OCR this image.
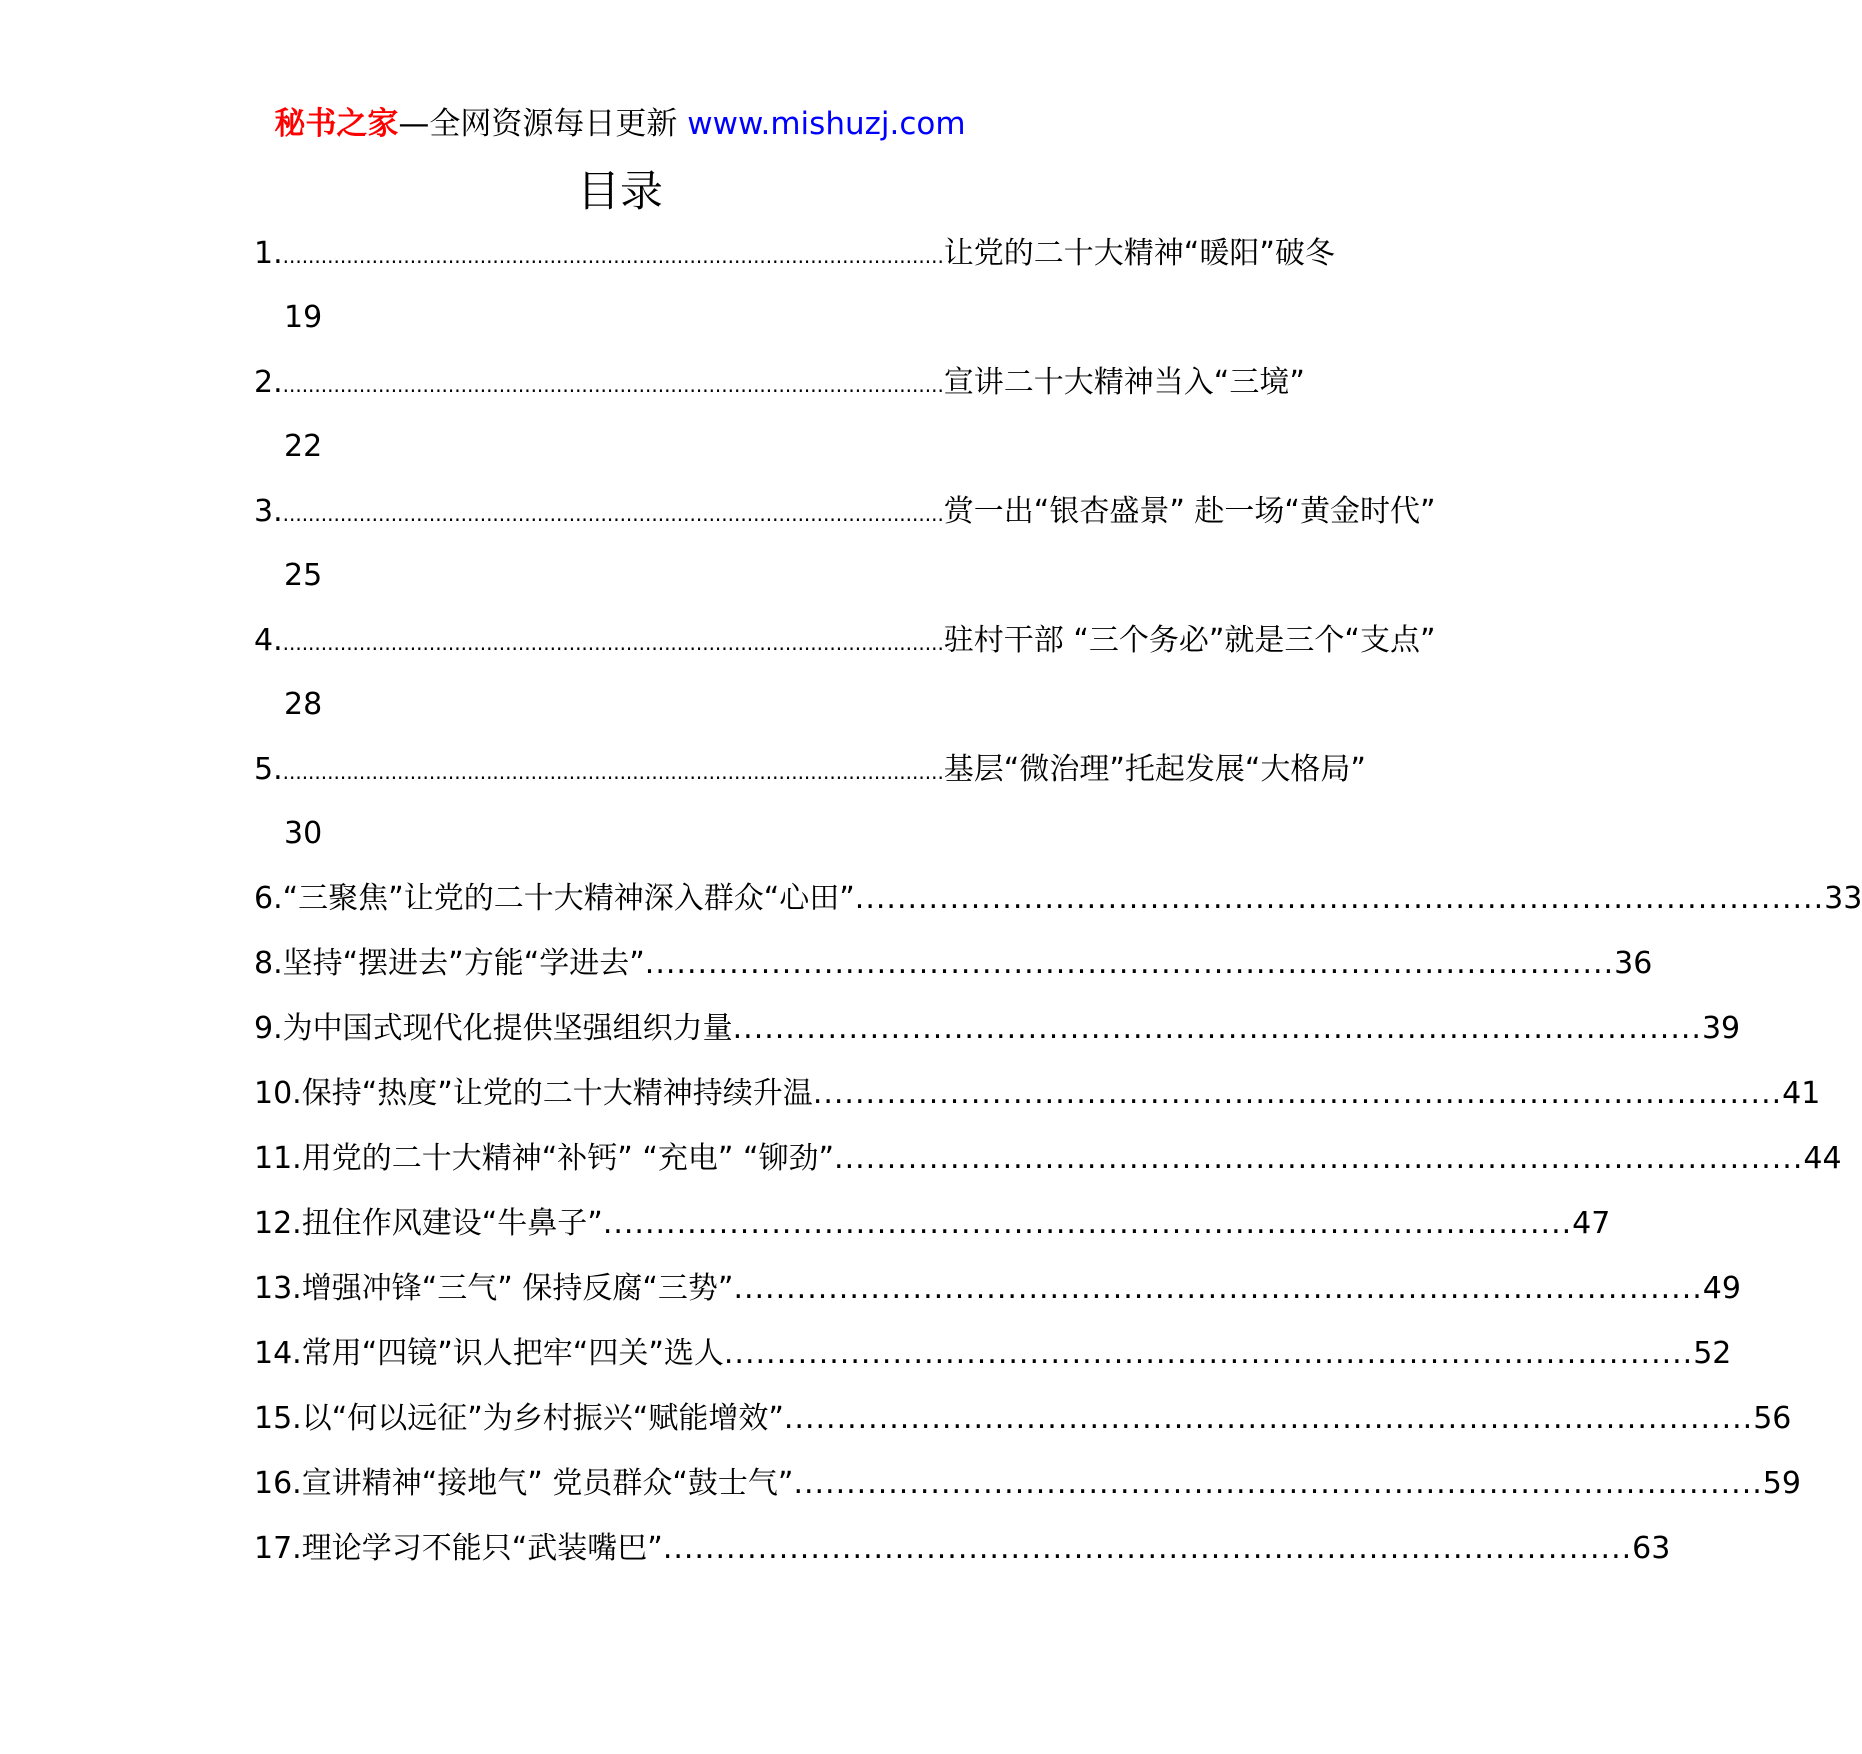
秘书之家—全网资源每日更新 www.mishuzj.com
目录
1. ........................................................................................................ 让党的二十大精神“暖阳”破冬
19
2. ........................................................................................................ 宣讲二十大精神当入“三境”
22
3. ........................................................................................................ 赏一出“银杏盛景” 赴一场“黄金时代”
25
4. ........................................................................................................ 驻村干部 “三个务必”就是三个“支点”
28
5. ........................................................................................................ 基层“微治理”托起发展“大格局”
30
6. “三聚焦”让党的二十大精神深入群众“心田” ............................................................................................ 33
8. 坚持“摆进去”方能“学进去” ............................................................................................ 36
9. 为中国式现代化提供坚强组织力量 ............................................................................................ 39
10. 保持“热度”让党的二十大精神持续升温 ............................................................................................ 41
11. 用党的二十大精神“补钙” “充电” “铆劲” ............................................................................................ 44
12. 扭住作风建设“牛鼻子” ............................................................................................ 47
13. 增强冲锋“三气” 保持反腐“三势” ............................................................................................ 49
14. 常用“四镜”识人把牢“四关”选人 ............................................................................................ 52
15. 以“何以远征”为乡村振兴“赋能增效” ............................................................................................ 56
16. 宣讲精神“接地气” 党员群众“鼓士气” ............................................................................................ 59
17. 理论学习不能只“武装嘴巴” ............................................................................................ 63
